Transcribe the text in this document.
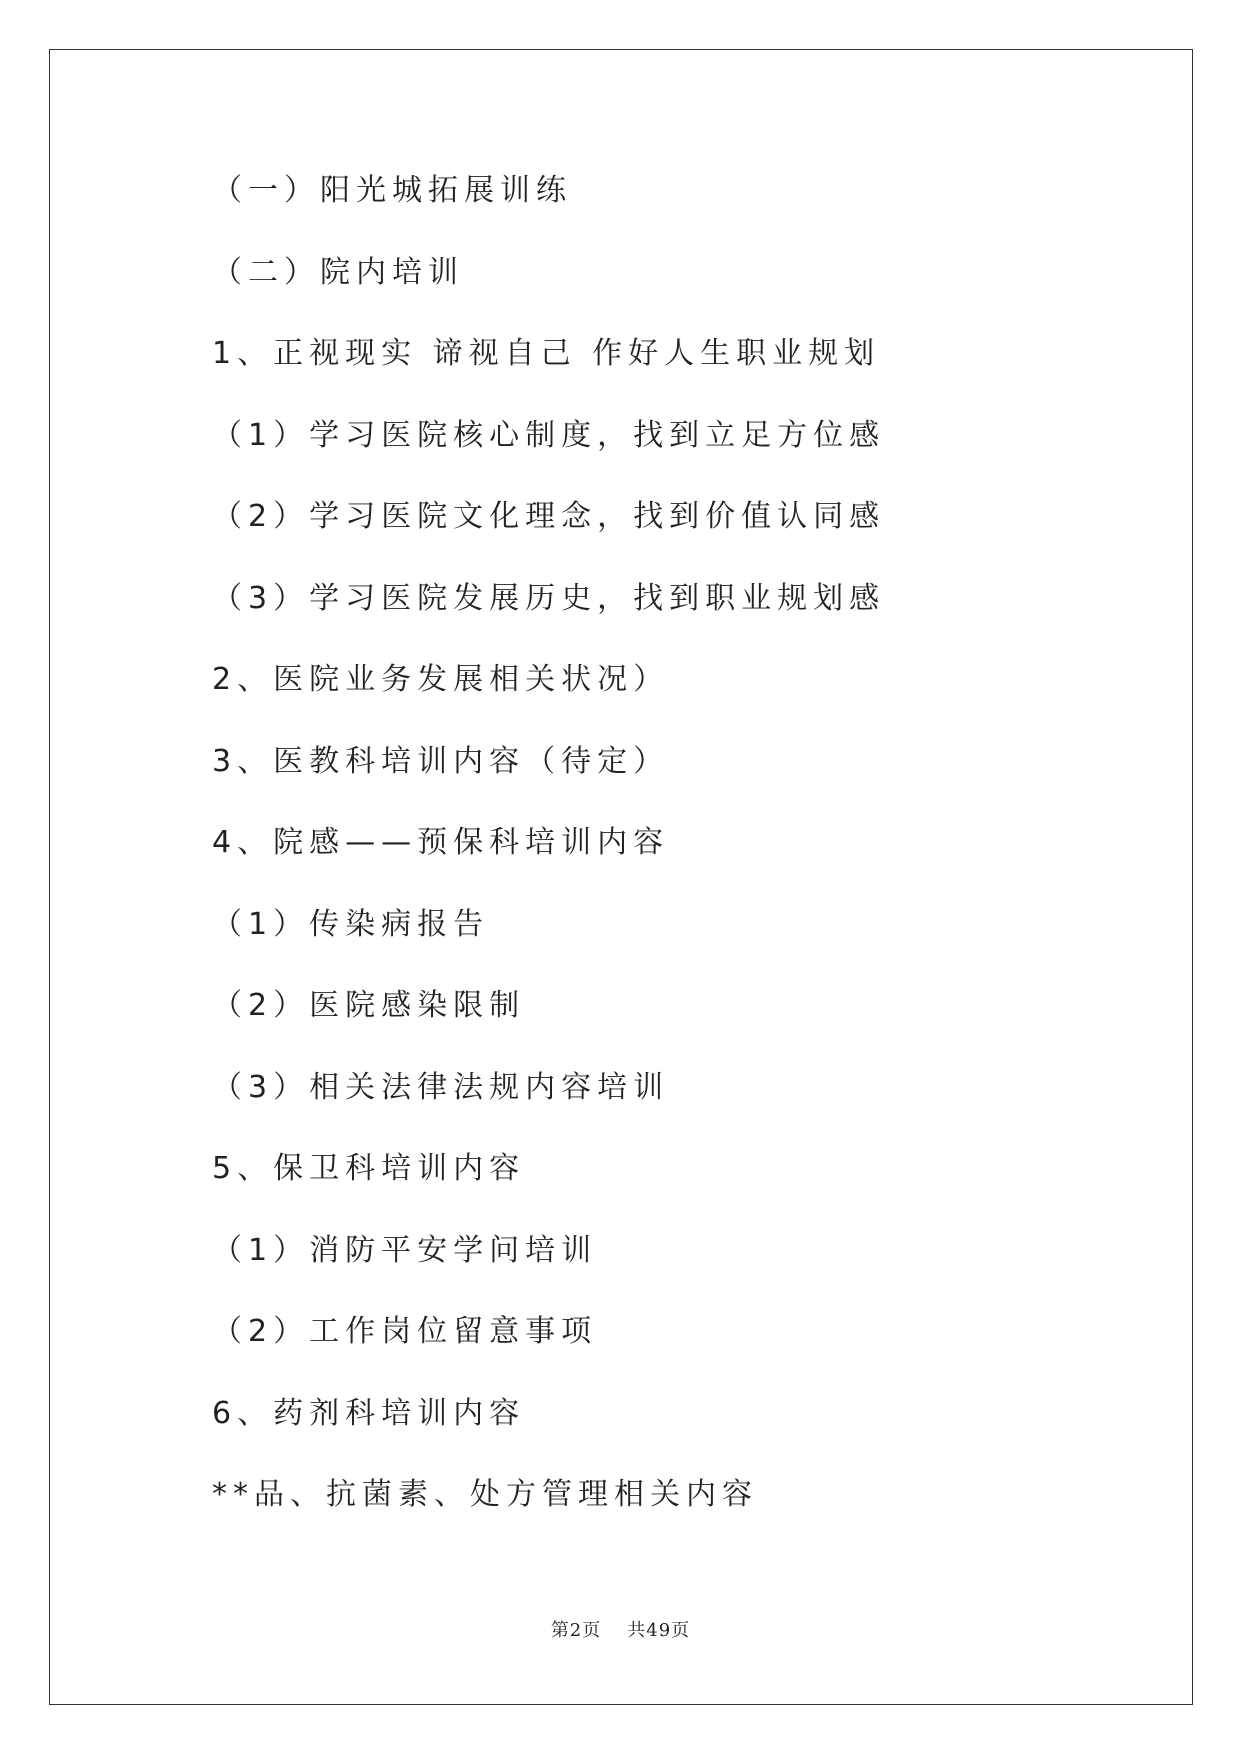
（一）阳光城拓展训练
（二）院内培训
1、正视现实 谛视自己 作好人生职业规划
（1）学习医院核心制度，找到立足方位感
（2）学习医院文化理念，找到价值认同感
（3）学习医院发展历史，找到职业规划感
2、医院业务发展相关状况）
3、医教科培训内容（待定）
4、院感——预保科培训内容
（1）传染病报告
（2）医院感染限制
（3）相关法律法规内容培训
5、保卫科培训内容
（1）消防平安学问培训
（2）工作岗位留意事项
6、药剂科培训内容
**品、抗菌素、处方管理相关内容
第2页 共49页
